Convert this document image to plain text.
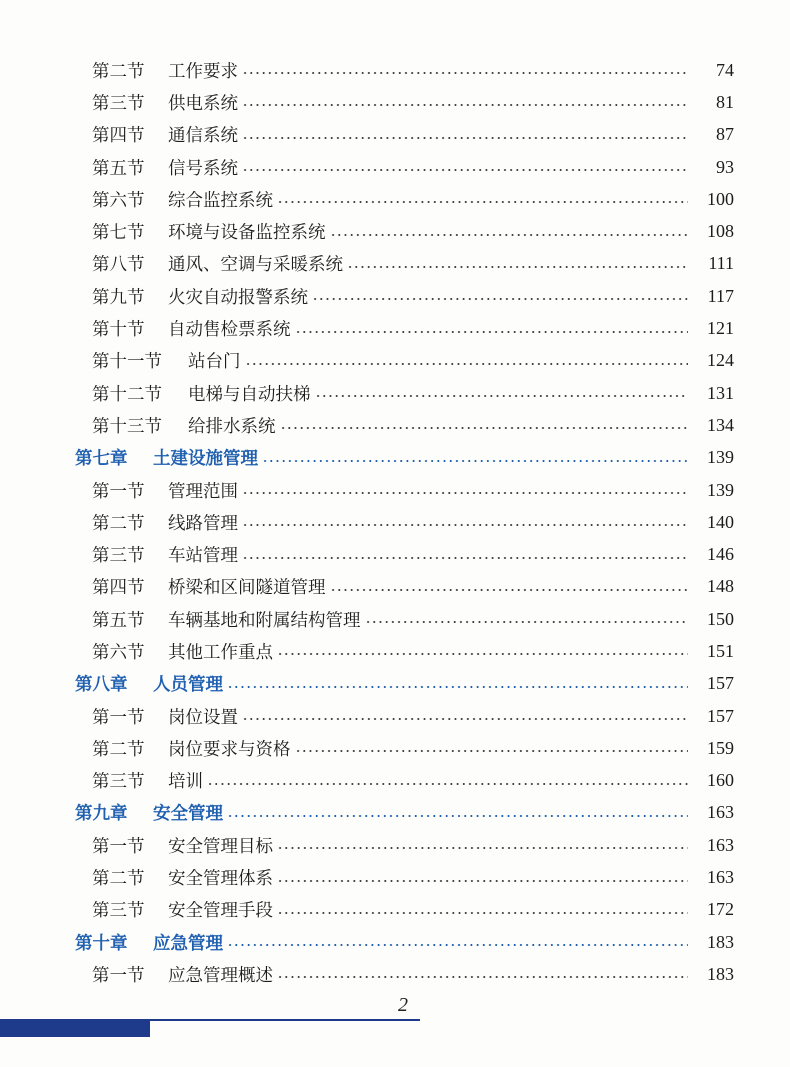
第二节	工作要求	74
第三节	供电系统	81
第四节	通信系统	87
第五节	信号系统	93
第六节	综合监控系统	100
第七节	环境与设备监控系统	108
第八节	通风、空调与采暖系统	111
第九节	火灾自动报警系统	117
第十节	自动售检票系统	121
第十一节	站台门	124
第十二节	电梯与自动扶梯	131
第十三节	给排水系统	134
第七章	土建设施管理	139
第一节	管理范围	139
第二节	线路管理	140
第三节	车站管理	146
第四节	桥梁和区间隧道管理	148
第五节	车辆基地和附属结构管理	150
第六节	其他工作重点	151
第八章	人员管理	157
第一节	岗位设置	157
第二节	岗位要求与资格	159
第三节	培训	160
第九章	安全管理	163
第一节	安全管理目标	163
第二节	安全管理体系	163
第三节	安全管理手段	172
第十章	应急管理	183
第一节	应急管理概述	183
2
